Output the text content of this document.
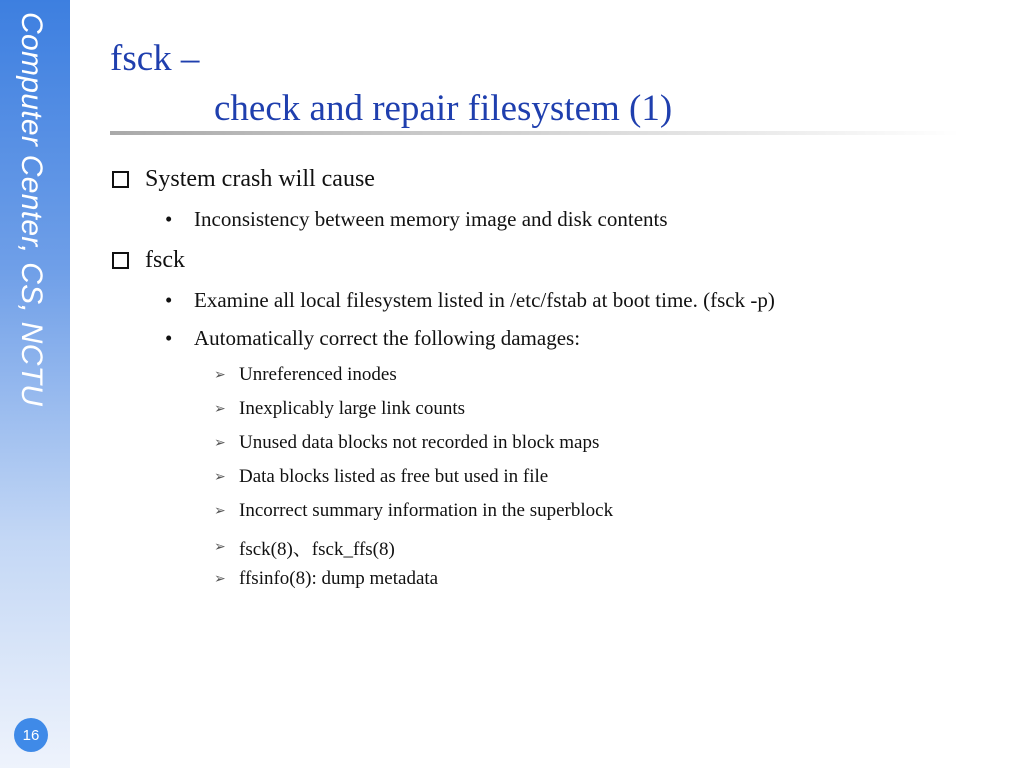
Computer Center, CS, NCTU
16
fsck –
check and repair filesystem (1)
System crash will cause
•	Inconsistency between memory image and disk contents
fsck
•	Examine all local filesystem listed in /etc/fstab at boot time. (fsck -p)
•	Automatically correct the following damages:
➢ Unreferenced inodes
➢ Inexplicably large link counts
➢ Unused data blocks not recorded in block maps
➢ Data blocks listed as free but used in file
➢ Incorrect summary information in the superblock
➢ fsck(8)、fsck_ffs(8)
➢ ffsinfo(8): dump metadata
